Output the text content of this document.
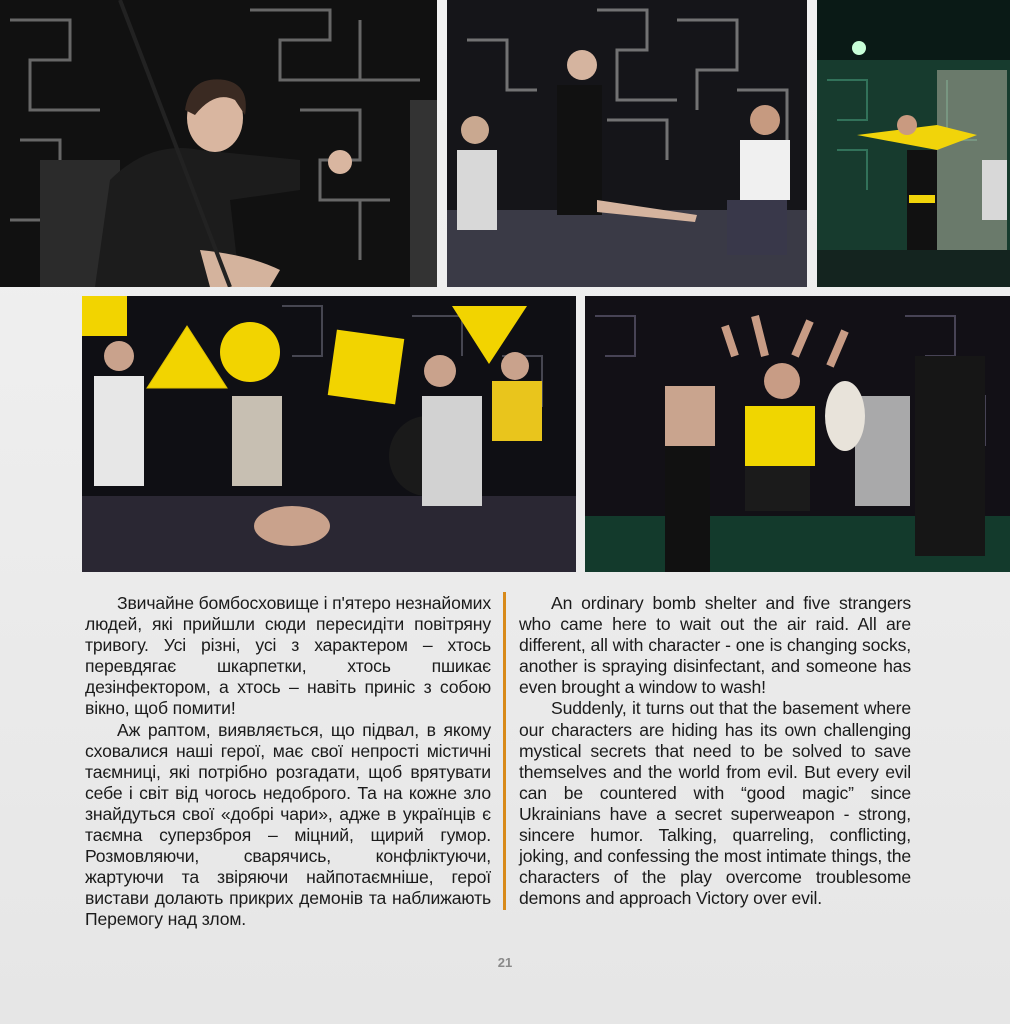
Звичайне бомбосховище і п'ятеро незнайомих людей, які прийшли сюди пересидіти повітряну тривогу. Усі різні, усі з характером – хтось перевдягає шкарпетки, хтось пшикає дезінфектором, а хтось – навіть приніс з собою вікно, щоб помити!

Аж раптом, виявляється, що підвал, в якому сховалися наші герої, має свої непрості містичні таємниці, які потрібно розгадати, щоб врятувати себе і світ від чогось недоброго. Та на кожне зло знайдуться свої «добрі чари», адже в українців є таємна суперзброя – міцний, щирий гумор. Розмовляючи, сварячись, конфліктуючи, жартуючи та звіряючи найпотаємніше, герої вистави долають прикрих демонів та наближають Перемогу над злом.

An ordinary bomb shelter and five strangers who came here to wait out the air raid. All are different, all with character - one is changing socks, another is spraying disinfectant, and someone has even brought a window to wash!

Suddenly, it turns out that the basement where our characters are hiding has its own challenging mystical secrets that need to be solved to save themselves and the world from evil. But every evil can be countered with “good magic” since Ukrainians have a secret superweapon - strong, sincere humor. Talking, quarreling, conflicting, joking, and confessing the most intimate things, the characters of the play overcome troublesome demons and approach Victory over evil.

21
